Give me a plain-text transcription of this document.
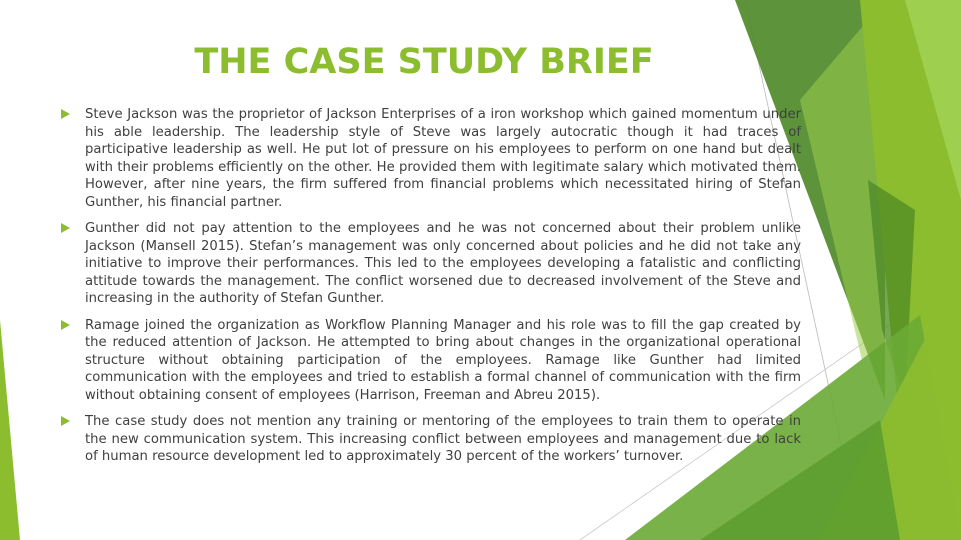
THE CASE STUDY BRIEF
Steve Jackson was the proprietor of Jackson Enterprises of a iron workshop which gained momentum under his able leadership. The leadership style of Steve was largely autocratic though it had traces of participative leadership as well. He put lot of pressure on his employees to perform on one hand but dealt with their problems efficiently on the other. He provided them with legitimate salary which motivated them. However, after nine years, the firm suffered from financial problems which necessitated hiring of Stefan Gunther, his financial partner.
Gunther did not pay attention to the employees and he was not concerned about their problem unlike Jackson (Mansell 2015). Stefan’s management was only concerned about policies and he did not take any initiative to improve their performances. This led to the employees developing a fatalistic and conflicting attitude towards the management. The conflict worsened due to decreased involvement of the Steve and increasing in the authority of Stefan Gunther.
Ramage joined the organization as Workflow Planning Manager and his role was to fill the gap created by the reduced attention of Jackson. He attempted to bring about changes in the organizational operational structure without obtaining participation of the employees. Ramage like Gunther had limited communication with the employees and tried to establish a formal channel of communication with the firm without obtaining consent of employees (Harrison, Freeman and Abreu 2015).
The case study does not mention any training or mentoring of the employees to train them to operate in the new communication system. This increasing conflict between employees and management due to lack of human resource development led to approximately 30 percent of the workers’ turnover.
